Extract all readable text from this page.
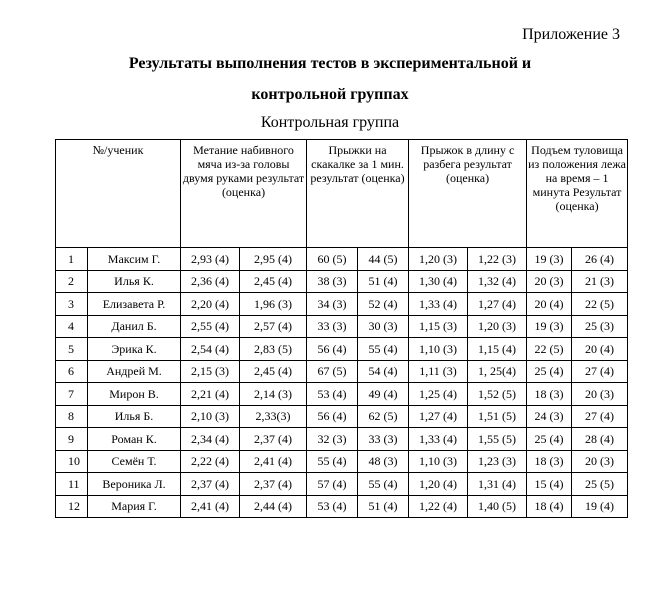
Приложение 3
Результаты выполнения тестов в экспериментальной и
контрольной группах
Контрольная группа
№/ученик		Метание набивного мяча из-за головы двумя руками результат (оценка)		Прыжки на скакалке за 1 мин. результат (оценка)		Прыжок в длину с разбега результат (оценка)		Подъем туловища из положения лежа на время – 1 минута Результат (оценка)	
1	Максим Г.	2,93 (4)	2,95 (4)	60 (5)	44 (5)	1,20 (3)	1,22 (3)	19 (3)	26 (4)
2	Илья К.	2,36 (4)	2,45 (4)	38 (3)	51 (4)	1,30 (4)	1,32 (4)	20 (3)	21 (3)
3	Елизавета Р.	2,20 (4)	1,96 (3)	34 (3)	52 (4)	1,33 (4)	1,27 (4)	20 (4)	22 (5)
4	Данил Б.	2,55 (4)	2,57 (4)	33 (3)	30 (3)	1,15 (3)	1,20 (3)	19 (3)	25 (3)
5	Эрика К.	2,54 (4)	2,83 (5)	56 (4)	55 (4)	1,10 (3)	1,15 (4)	22 (5)	20 (4)
6	Андрей М.	2,15 (3)	2,45 (4)	67 (5)	54 (4)	1,11 (3)	1, 25(4)	25 (4)	27 (4)
7	Мирон В.	2,21 (4)	2,14 (3)	53 (4)	49 (4)	1,25 (4)	1,52 (5)	18 (3)	20 (3)
8	Илья Б.	2,10 (3)	2,33(3)	56 (4)	62 (5)	1,27 (4)	1,51 (5)	24 (3)	27 (4)
9	Роман К.	2,34 (4)	2,37 (4)	32 (3)	33 (3)	1,33 (4)	1,55 (5)	25 (4)	28 (4)
10	Семён Т.	2,22 (4)	2,41 (4)	55 (4)	48 (3)	1,10 (3)	1,23 (3)	18 (3)	20 (3)
11	Вероника Л.	2,37 (4)	2,37 (4)	57 (4)	55 (4)	1,20 (4)	1,31 (4)	15 (4)	25 (5)
12	Мария Г.	2,41 (4)	2,44 (4)	53 (4)	51 (4)	1,22 (4)	1,40 (5)	18 (4)	19 (4)
